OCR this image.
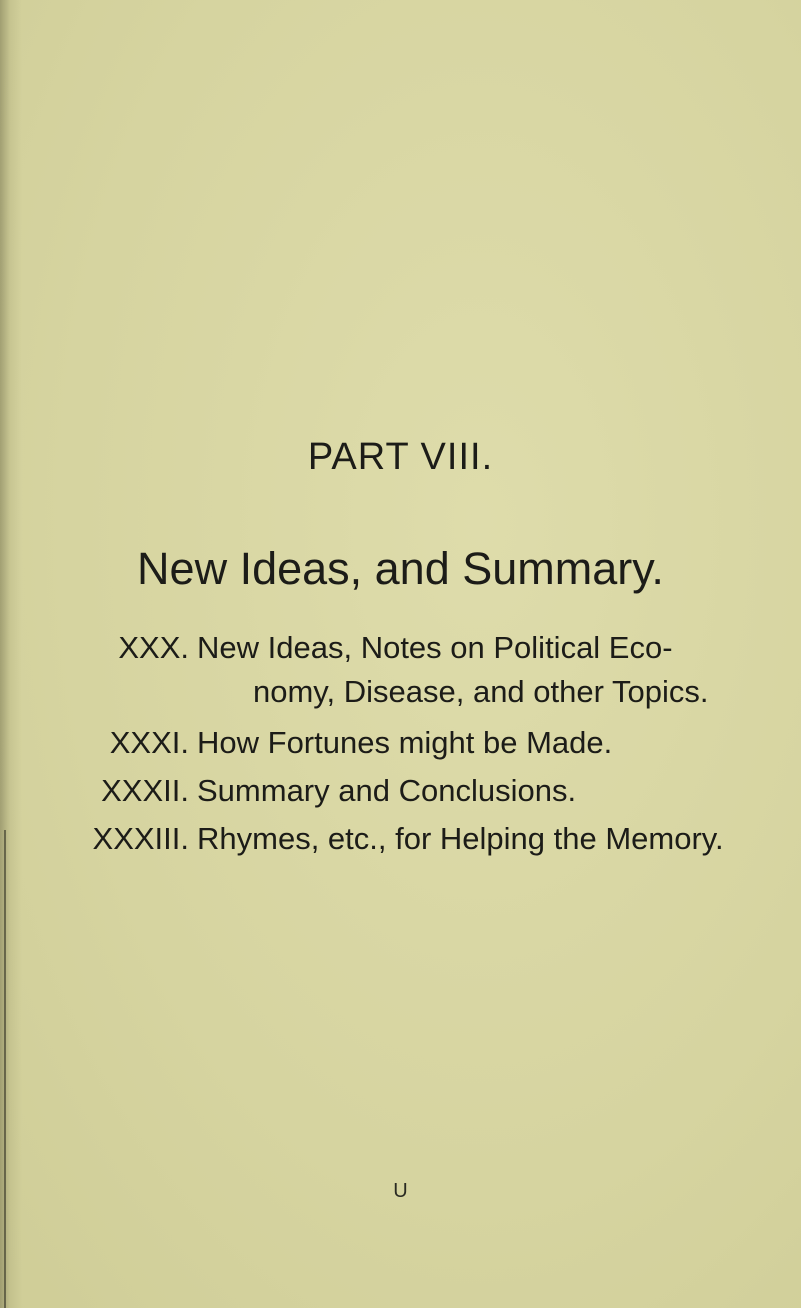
PART VIII.
New Ideas, and Summary.
XXX. New Ideas, Notes on Political Eco-
nomy, Disease, and other Topics.
XXXI. How Fortunes might be Made.
XXXII. Summary and Conclusions.
XXXIII. Rhymes, etc., for Helping the Memory.
U
